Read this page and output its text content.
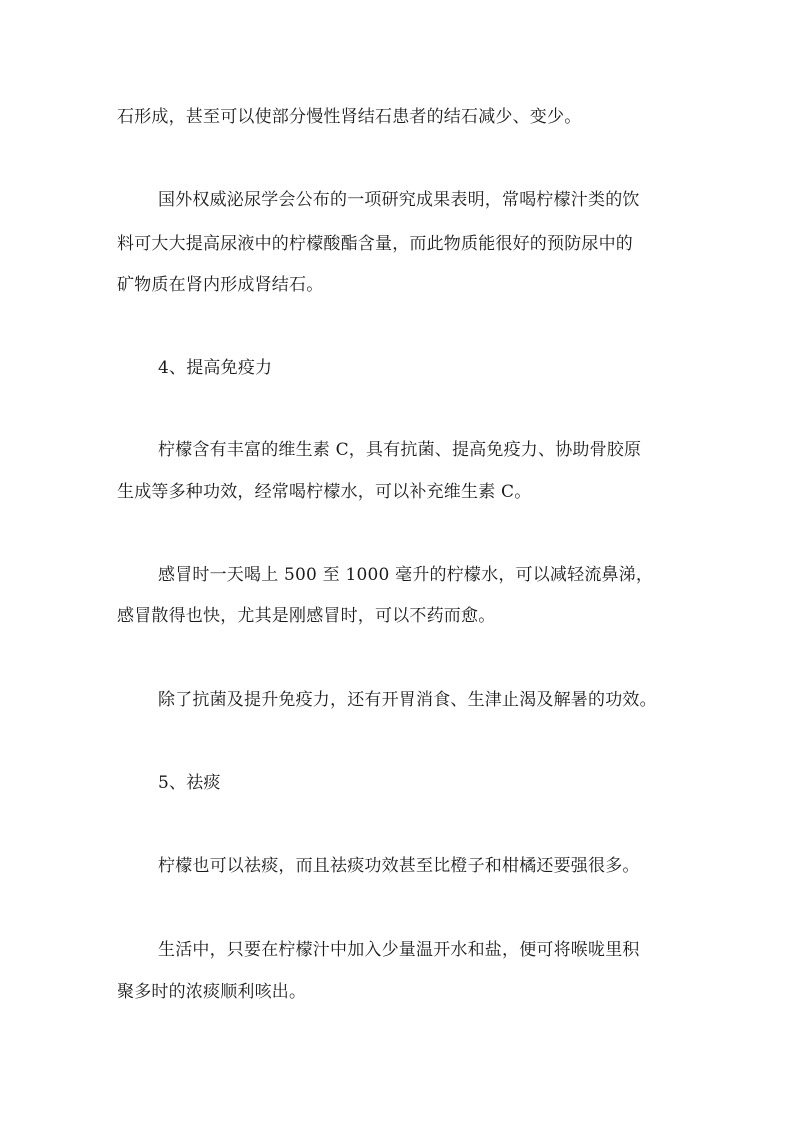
石形成，甚至可以使部分慢性肾结石患者的结石减少、变少。

国外权威泌尿学会公布的一项研究成果表明，常喝柠檬汁类的饮

料可大大提高尿液中的柠檬酸酯含量，而此物质能很好的预防尿中的

矿物质在肾内形成肾结石。

4、提高免疫力

柠檬含有丰富的维生素 C，具有抗菌、提高免疫力、协助骨胶原

生成等多种功效，经常喝柠檬水，可以补充维生素 C。

感冒时一天喝上 500 至 1000 毫升的柠檬水，可以减轻流鼻涕，

感冒散得也快，尤其是刚感冒时，可以不药而愈。

除了抗菌及提升免疫力，还有开胃消食、生津止渴及解暑的功效。

5、祛痰

柠檬也可以祛痰，而且祛痰功效甚至比橙子和柑橘还要强很多。

生活中，只要在柠檬汁中加入少量温开水和盐，便可将喉咙里积

聚多时的浓痰顺利咳出。
